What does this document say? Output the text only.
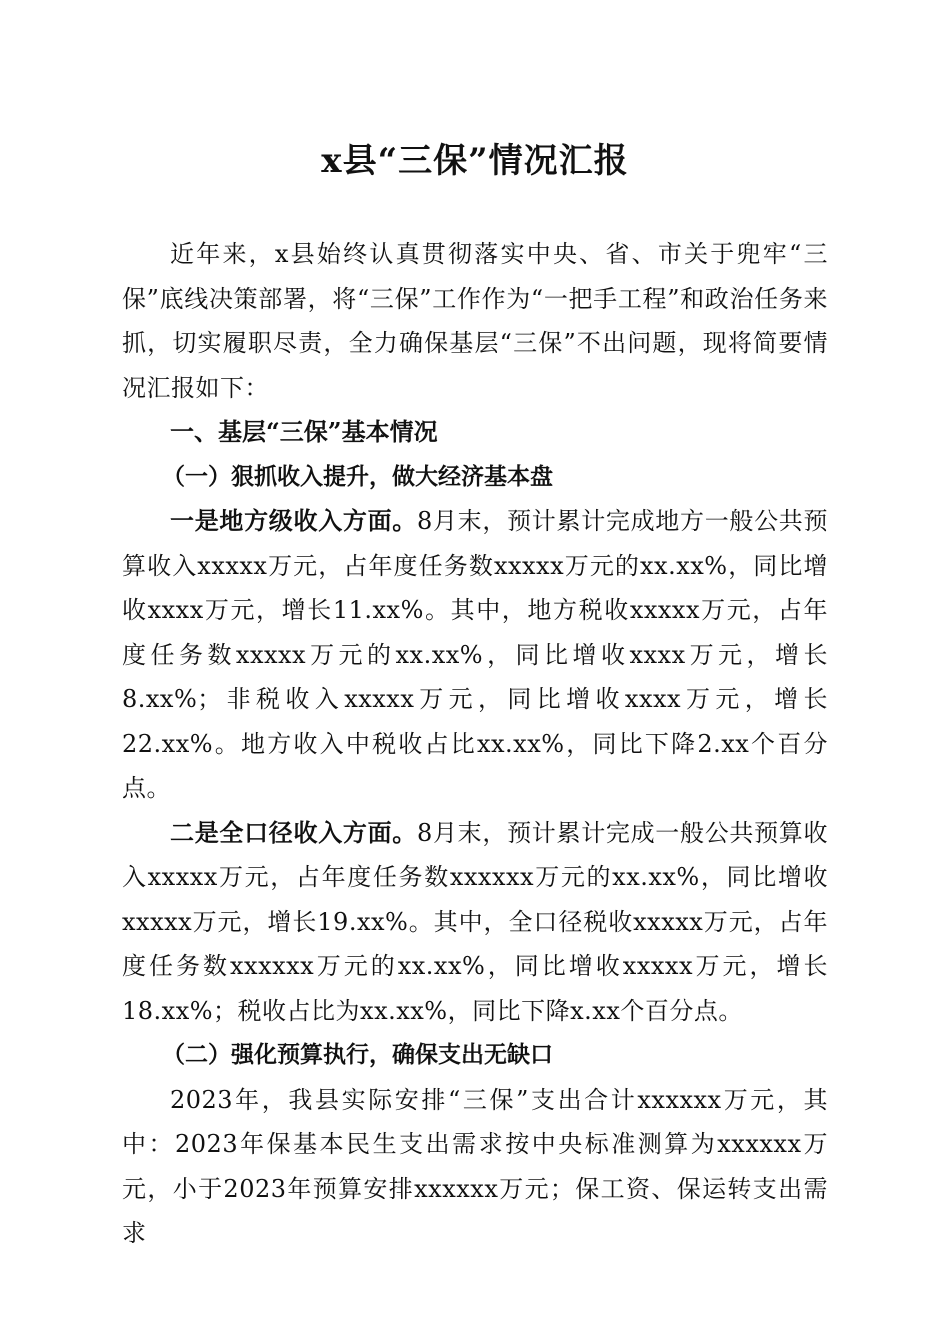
x县“三保”情况汇报

近年来，x县始终认真贯彻落实中央、省、市关于兜牢“三保”底线决策部署，将“三保”工作作为“一把手工程”和政治任务来抓，切实履职尽责，全力确保基层“三保”不出问题，现将简要情况汇报如下：

一、基层“三保”基本情况

（一）狠抓收入提升，做大经济基本盘

一是地方级收入方面。8月末，预计累计完成地方一般公共预算收入xxxxx万元，占年度任务数xxxxx万元的xx.xx%，同比增收xxxx万元，增长11.xx%。其中，地方税收xxxxx万元，占年度任务数xxxxx万元的xx.xx%，同比增收xxxx万元，增长8.xx%；非税收入xxxxx万元，同比增收xxxx万元，增长22.xx%。地方收入中税收占比xx.xx%，同比下降2.xx个百分点。

二是全口径收入方面。8月末，预计累计完成一般公共预算收入xxxxx万元，占年度任务数xxxxxx万元的xx.xx%，同比增收xxxxx万元，增长19.xx%。其中，全口径税收xxxxx万元，占年度任务数xxxxxx万元的xx.xx%，同比增收xxxxx万元，增长18.xx%；税收占比为xx.xx%，同比下降x.xx个百分点。

（二）强化预算执行，确保支出无缺口

2023年，我县实际安排“三保”支出合计xxxxxx万元，其中：2023年保基本民生支出需求按中央标准测算为xxxxxx万元，小于2023年预算安排xxxxxx万元；保工资、保运转支出需求
